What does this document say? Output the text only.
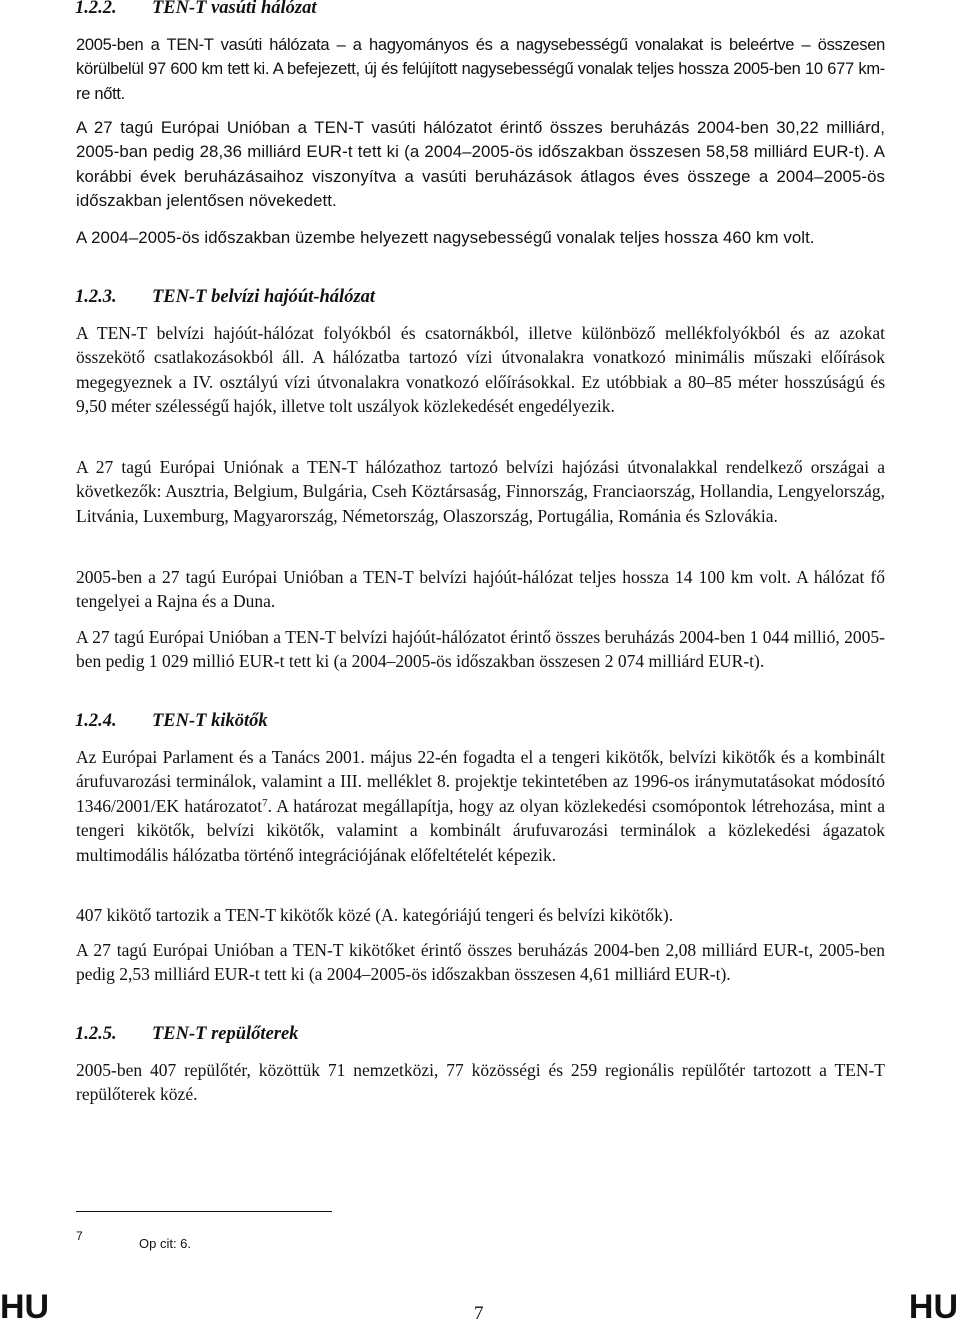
1.2.2. TEN-T vasúti hálózat

2005-ben a TEN-T vasúti hálózata – a hagyományos és a nagysebességű vonalakat is beleértve – összesen körülbelül 97 600 km tett ki. A befejezett, új és felújított nagysebességű vonalak teljes hossza 2005-ben 10 677 km-re nőtt.

A 27 tagú Európai Unióban a TEN-T vasúti hálózatot érintő összes beruházás 2004-ben 30,22 milliárd, 2005-ban pedig 28,36 milliárd EUR-t tett ki (a 2004–2005-ös időszakban összesen 58,58 milliárd EUR-t). A korábbi évek beruházásaihoz viszonyítva a vasúti beruházások átlagos éves összege a 2004–2005-ös időszakban jelentősen növekedett.

A 2004–2005-ös időszakban üzembe helyezett nagysebességű vonalak teljes hossza 460 km volt.

1.2.3. TEN-T belvízi hajóút-hálózat

A TEN-T belvízi hajóút-hálózat folyókból és csatornákból, illetve különböző mellékfolyókból és az azokat összekötő csatlakozásokból áll. A hálózatba tartozó vízi útvonalakra vonatkozó minimális műszaki előírások megegyeznek a IV. osztályú vízi útvonalakra vonatkozó előírásokkal. Ez utóbbiak a 80–85 méter hosszúságú és 9,50 méter szélességű hajók, illetve tolt uszályok közlekedését engedélyezik.

A 27 tagú Európai Uniónak a TEN-T hálózathoz tartozó belvízi hajózási útvonalakkal rendelkező országai a következők: Ausztria, Belgium, Bulgária, Cseh Köztársaság, Finnország, Franciaország, Hollandia, Lengyelország, Litvánia, Luxemburg, Magyarország, Németország, Olaszország, Portugália, Románia és Szlovákia.

2005-ben a 27 tagú Európai Unióban a TEN-T belvízi hajóút-hálózat teljes hossza 14 100 km volt. A hálózat fő tengelyei a Rajna és a Duna.

A 27 tagú Európai Unióban a TEN-T belvízi hajóút-hálózatot érintő összes beruházás 2004-ben 1 044 millió, 2005-ben pedig 1 029 millió EUR-t tett ki (a 2004–2005-ös időszakban összesen 2 074 milliárd EUR-t).

1.2.4. TEN-T kikötők

Az Európai Parlament és a Tanács 2001. május 22-én fogadta el a tengeri kikötők, belvízi kikötők és a kombinált árufuvarozási terminálok, valamint a III. melléklet 8. projektje tekintetében az 1996-os iránymutatásokat módosító 1346/2001/EK határozatot$^7$. A határozat megállapítja, hogy az olyan közlekedési csomópontok létrehozása, mint a tengeri kikötők, belvízi kikötők, valamint a kombinált árufuvarozási terminálok a közlekedési ágazatok multimodális hálózatba történő integrációjának előfeltételét képezik.

407 kikötő tartozik a TEN-T kikötők közé (A. kategóriájú tengeri és belvízi kikötők).

A 27 tagú Európai Unióban a TEN-T kikötőket érintő összes beruházás 2004-ben 2,08 milliárd EUR-t, 2005-ben pedig 2,53 milliárd EUR-t tett ki (a 2004–2005-ös időszakban összesen 4,61 milliárd EUR-t).

1.2.5. TEN-T repülőterek

2005-ben 407 repülőtér, közöttük 71 nemzetközi, 77 közösségi és 259 regionális repülőtér tartozott a TEN-T repülőterek közé.

7	Op cit: 6.
HU	7	HU
